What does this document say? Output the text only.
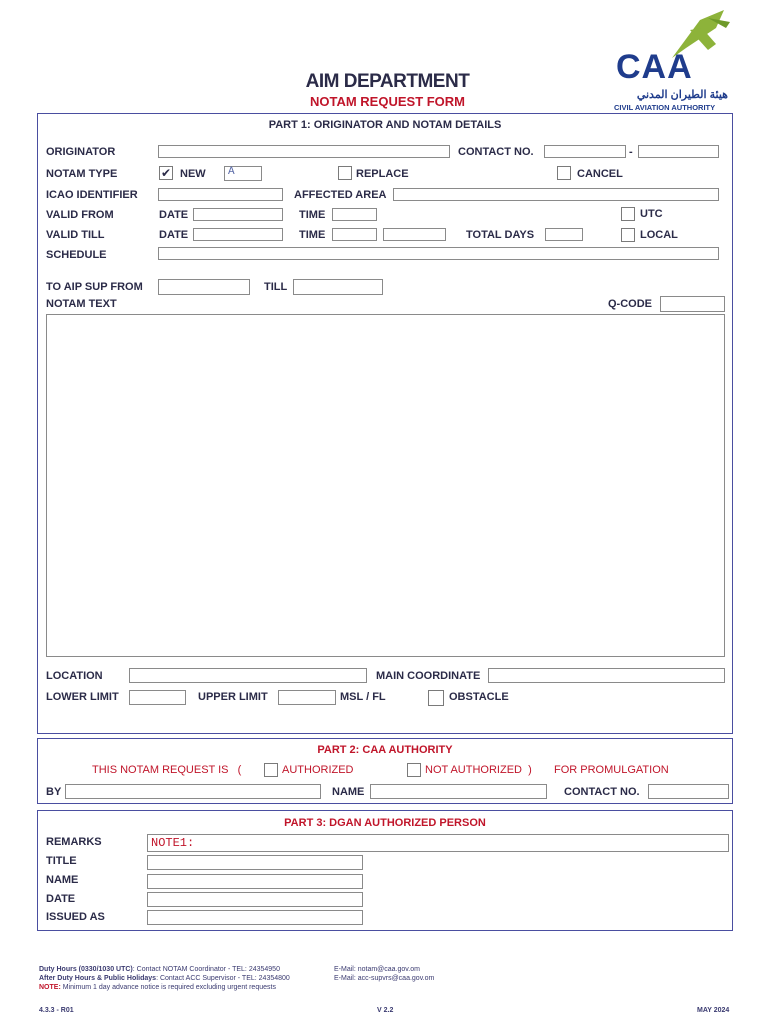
AIM DEPARTMENT
NOTAM REQUEST FORM
CAA
هيئة الطيران المدني
CIVIL AVIATION AUTHORITY
PART 1: ORIGINATOR AND NOTAM DETAILS
ORIGINATOR	CONTACT NO.	-
NOTAM TYPE	✔ NEW	A	REPLACE	CANCEL
ICAO IDENTIFIER	AFFECTED AREA
VALID FROM	DATE	TIME	UTC
VALID TILL	DATE	TIME	TOTAL DAYS	LOCAL
SCHEDULE
TO AIP SUP FROM	TILL
NOTAM TEXT	Q-CODE
LOCATION	MAIN COORDINATE
LOWER LIMIT	UPPER LIMIT	MSL / FL	OBSTACLE
PART 2: CAA AUTHORITY
THIS NOTAM REQUEST IS   (	AUTHORIZED	NOT AUTHORIZED  ) FOR PROMULGATION
BY	NAME	CONTACT NO.
PART 3: DGAN AUTHORIZED PERSON
REMARKS	NOTE1:
TITLE
NAME
DATE
ISSUED AS
Duty Hours (0330/1030 UTC): Contact NOTAM Coordinator - TEL: 24354950	E-Mail: notam@caa.gov.om
After Duty Hours & Public Holidays: Contact ACC Supervisor - TEL: 24354800	E-Mail: acc-supvrs@caa.gov.om
NOTE: Minimum 1 day advance notice is required excluding urgent requests
4.3.3 - R01	V 2.2	MAY 2024
